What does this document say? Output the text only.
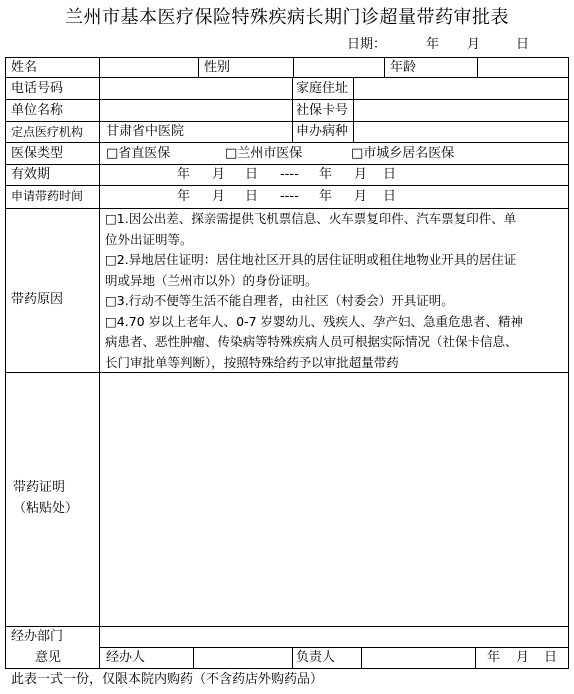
兰州市基本医疗保险特殊疾病长期门诊超量带药审批表
日期：	年 月	日
姓名	性别	年龄
电话号码	家庭住址
单位名称	社保卡号
定点医疗机构 甘肃省中医院	申办病种
医保类型	□省直医保	□兰州市医保	□市城乡居名医保
有效期	年 月 日 ---- 年 月 日
申请带药时间	年 月 日 ---- 年 月 日
带药原因
□1.因公出差、探亲需提供飞机票信息、火车票复印件、汽车票复印件、单
位外出证明等。
□2.异地居住证明：居住地社区开具的居住证明或租住地物业开具的居住证
明或异地（兰州市以外）的身份证明。
□3.行动不便等生活不能自理者，由社区（村委会）开具证明。
□4.70 岁以上老年人、0-7 岁婴幼儿、残疾人、孕产妇、急重危患者、精神
病患者、恶性肿瘤、传染病等特殊疾病人员可根据实际情况（社保卡信息、
长门审批单等判断），按照特殊给药予以审批超量带药
带药证明
（粘贴处）
经办部门
意见	经办人	负责人	年 月 日
此表一式一份，仅限本院内购药（不含药店外购药品）
